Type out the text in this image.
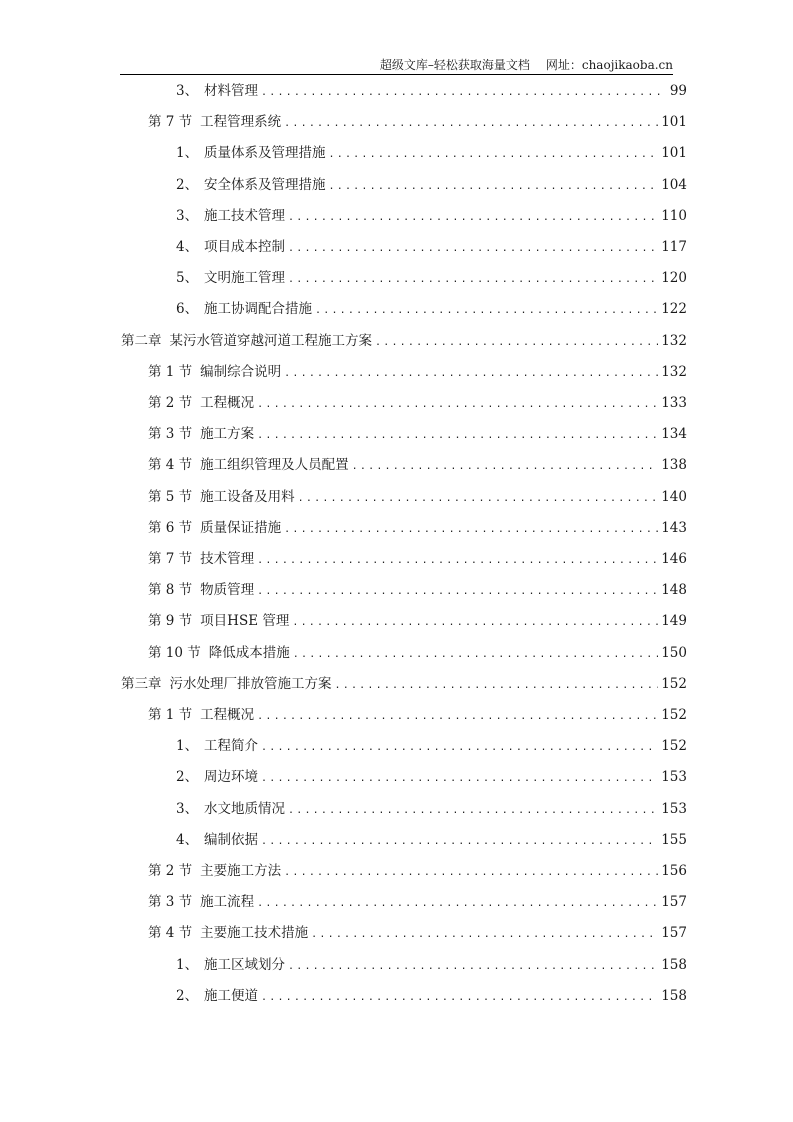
超级文库–轻松获取海量文档 网址：chaojikaoba.cn
3、 材料管理 .....	99
第 7 节 工程管理系统 .....	101
1、 质量体系及管理措施 .....	101
2、 安全体系及管理措施 .....	104
3、 施工技术管理 .....	110
4、 项目成本控制 .....	117
5、 文明施工管理 .....	120
6、 施工协调配合措施 .....	122
第二章 某污水管道穿越河道工程施工方案 .....	132
第 1 节 编制综合说明 .....	132
第 2 节 工程概况 .....	133
第 3 节 施工方案 .....	134
第 4 节 施工组织管理及人员配置 .....	138
第 5 节 施工设备及用料 .....	140
第 6 节 质量保证措施 .....	143
第 7 节 技术管理 .....	146
第 8 节 物质管理 .....	148
第 9 节 项目HSE 管理 .....	149
第 10 节 降低成本措施 .....	150
第三章 污水处理厂排放管施工方案 .....	152
第 1 节 工程概况 .....	152
1、 工程简介 .....	152
2、 周边环境 .....	153
3、 水文地质情况 .....	153
4、 编制依据 .....	155
第 2 节 主要施工方法 .....	156
第 3 节 施工流程 .....	157
第 4 节 主要施工技术措施 .....	157
1、 施工区域划分 .....	158
2、 施工便道 .....	158
